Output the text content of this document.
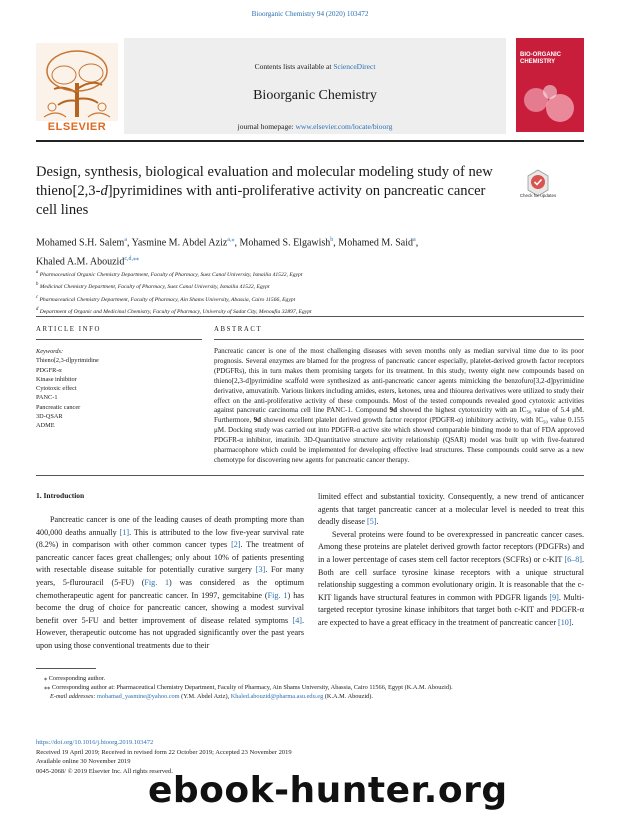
Bioorganic Chemistry 94 (2020) 103472
ELSEVIER
Contents lists available at ScienceDirect
Bioorganic Chemistry
journal homepage: www.elsevier.com/locate/bioorg
BIO-ORGANIC CHEMISTRY
Design, synthesis, biological evaluation and molecular modeling study of new thieno[2,3-d]pyrimidines with anti-proliferative activity on pancreatic cancer cell lines
Check for updates
Mohamed S.H. Salem$^a$, Yasmine M. Abdel Aziz$^{a,⁎}$, Mohamed S. Elgawish$^b$, Mohamed M. Said$^a$,
Khaled A.M. Abouzid$^{c,d,⁎⁎}$
$^a$ Pharmaceutical Organic Chemistry Department, Faculty of Pharmacy, Suez Canal University, Ismailia 41522, Egypt
$^b$ Medicinal Chemistry Department, Faculty of Pharmacy, Suez Canal University, Ismailia 41522, Egypt
$^c$ Pharmaceutical Chemistry Department, Faculty of Pharmacy, Ain Shams University, Abassia, Cairo 11566, Egypt
$^d$ Department of Organic and Medicinal Chemistry, Faculty of Pharmacy, University of Sadat City, Menoufia 32897, Egypt
ARTICLE INFO	ABSTRACT
Keywords:
Thieno[2,3-d]pyrimidine
PDGFR-α
Kinase inhibitor
Cytotoxic effect
PANC-1
Pancreatic cancer
3D-QSAR
ADME
Pancreatic cancer is one of the most challenging diseases with seven months only as median survival time due to its poor prognosis. Several enzymes are blamed for the progress of pancreatic cancer especially, platelet-derived growth factor receptors (PDGFRs), this in turn makes them promising targets for its treatment. In this study, twenty eight new compounds based on thieno[2,3-d]pyrimidine scaffold were synthesized as anti-pancreatic cancer agents mimicking the benzofuro[3,2-d]pyrimidine derivative, amuvatinib. Various linkers including amides, esters, ketones, urea and thiourea derivatives were utilized to study their effect on the anti-proliferative activity of these compounds. Most of the tested compounds revealed good cytotoxic activities against pancreatic carcinoma cell line PANC-1. Compound 9d showed the highest cytotoxicity with an IC₅₀ value of 5.4 μM. Furthermore, 9d showed excellent platelet derived growth factor receptor (PDGFR-α) inhibitory activity, with IC₅₀ value 0.155 μM. Docking study was carried out into PDGFR-α active site which showed comparable binding mode to that of FDA approved PDGFR-α inhibitor, imatinib. 3D-Quantitative structure activity relationship (QSAR) model was built up with five-featured pharmacophore which could be implemented for developing effective lead structures. These compounds could serve as a new chemotype for discovering new agents for pancreatic cancer therapy.
1. Introduction
Pancreatic cancer is one of the leading causes of death prompting more than 400,000 deaths annually [1]. This is attributed to the low five-year survival rate (8.2%) in comparison with other common cancer types [2]. The treatment of pancreatic cancer faces great challenges; only about 10% of patients presenting with resectable disease suitable for potentially curative surgery [3]. For many years, 5-flurouracil (5-FU) (Fig. 1) was considered as the optimum chemotherapeutic agent for pancreatic cancer. In 1997, gemcitabine (Fig. 1) has become the drug of choice for pancreatic cancer, showing a modest survival benefit over 5-FU and better improvement of disease related symptoms [4]. However, therapeutic outcome has not upgraded significantly over the past years upon using those conventional treatments due to their
limited effect and substantial toxicity. Consequently, a new trend of anticancer agents that target pancreatic cancer at a molecular level is needed to treat this deadly disease [5].
Several proteins were found to be overexpressed in pancreatic cancer cases. Among these proteins are platelet derived growth factor receptors (PDGFRs) and in a lower percentage of cases stem cell factor receptors (SCFRs) or c-KIT [6–8]. Both are cell surface tyrosine kinase receptors with a unique structural relationship suggesting a common evolutionary origin. It is reasonable that the c-KIT ligands have structural features in common with PDGFR ligands [9]. Multi-targeted receptor tyrosine kinase inhibitors that target both c-KIT and PDGFR-α are expected to have a great efficacy in the treatment of pancreatic cancer [10].
⁎ Corresponding author.
⁎⁎ Corresponding author at: Pharmaceutical Chemistry Department, Faculty of Pharmacy, Ain Shams University, Abassia, Cairo 11566, Egypt (K.A.M. Abouzid).
E-mail addresses: mohamad_yasmine@yahoo.com (Y.M. Abdel Aziz), Khaled.abouzid@pharma.asu.edu.eg (K.A.M. Abouzid).
https://doi.org/10.1016/j.bioorg.2019.103472
Received 19 April 2019; Received in revised form 22 October 2019; Accepted 23 November 2019
Available online 30 November 2019
0045-2068/ © 2019 Elsevier Inc. All rights reserved.
ebook-hunter.org
